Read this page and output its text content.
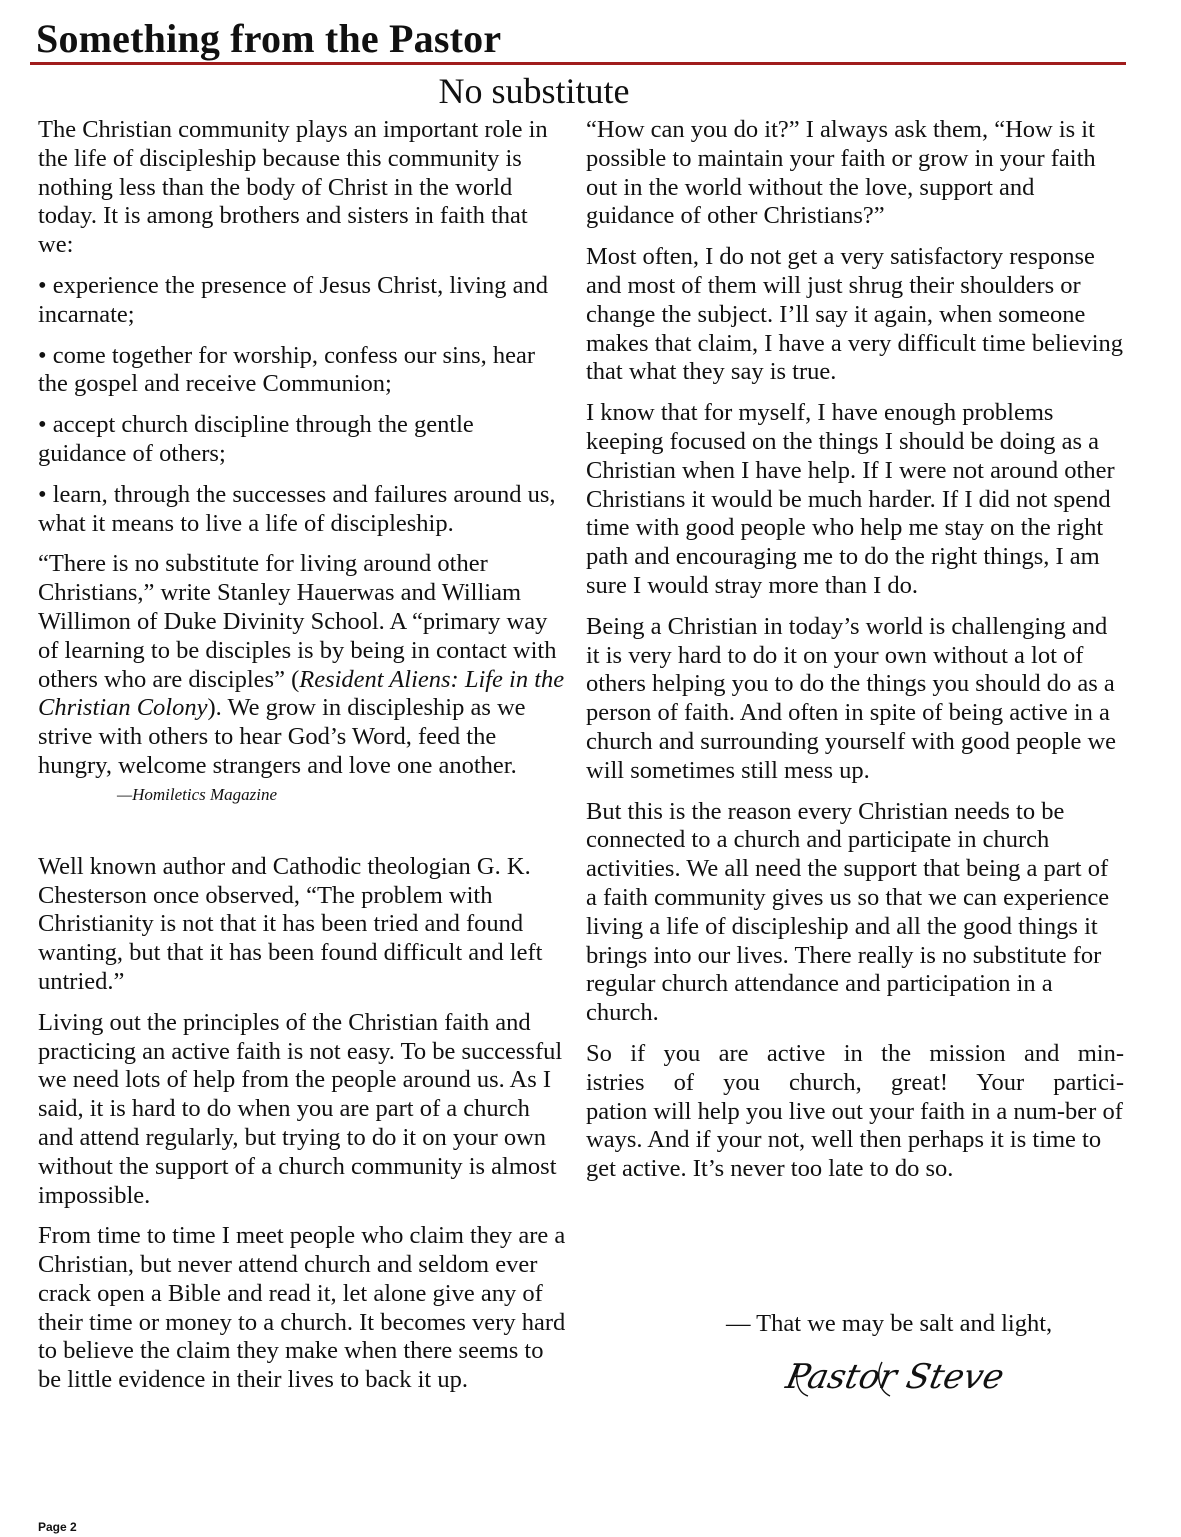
Something from the Pastor
No substitute

The Christian community plays an important role in the life of discipleship because this community is nothing less than the body of Christ in the world today. It is among brothers and sisters in faith that we:

• experience the presence of Jesus Christ, living and incarnate;

• come together for worship, confess our sins, hear the gospel and receive Communion;

• accept church discipline through the gentle guidance of others;

• learn, through the successes and failures around us, what it means to live a life of discipleship.

“There is no substitute for living around other Christians,” write Stanley Hauerwas and William Willimon of Duke Divinity School. A “primary way of learning to be disciples is by being in contact with others who are disciples” (Resident Aliens: Life in the Christian Colony). We grow in discipleship as we strive with others to hear God’s Word, feed the hungry, welcome strangers and love one another.

—Homiletics Magazine

Well known author and Cathodic theologian G. K. Chesterson once observed, “The problem with Christianity is not that it has been tried and found wanting, but that it has been found difficult and left untried.”

Living out the principles of the Christian faith and practicing an active faith is not easy. To be successful we need lots of help from the people around us. As I said, it is hard to do when you are part of a church and attend regularly, but trying to do it on your own without the support of a church community is almost impossible.

From time to time I meet people who claim they are a Christian, but never attend church and seldom ever crack open a Bible and read it, let alone give any of their time or money to a church. It becomes very hard to believe the claim they make when there seems to be little evidence in their lives to back it up.

“How can you do it?” I always ask them, “How is it possible to maintain your faith or grow in your faith out in the world without the love, support and guidance of other Christians?”

Most often, I do not get a very satisfactory response and most of them will just shrug their shoulders or change the subject. I’ll say it again, when someone makes that claim, I have a very difficult time believing that what they say is true.

I know that for myself, I have enough problems keeping focused on the things I should be doing as a Christian when I have help. If I were not around other Christians it would be much harder. If I did not spend time with good people who help me stay on the right path and encouraging me to do the right things, I am sure I would stray more than I do.

Being a Christian in today’s world is challenging and it is very hard to do it on your own without a lot of others helping you to do the things you should do as a person of faith. And often in spite of being active in a church and surrounding yourself with good people we will sometimes still mess up.

But this is the reason every Christian needs to be connected to a church and participate in church activities. We all need the support that being a part of a faith community gives us so that we can experience living a life of discipleship and all the good things it brings into our lives. There really is no substitute for regular church attendance and participation in a church.

So if you are active in the mission and min-
istries of you church, great! Your partici-
pation will help you live out your faith in a num-ber of ways. And if your not, well then perhaps it is time to get active. It’s never too late to do so.

— That we may be salt and light,
Pastor Steve
Page 2
